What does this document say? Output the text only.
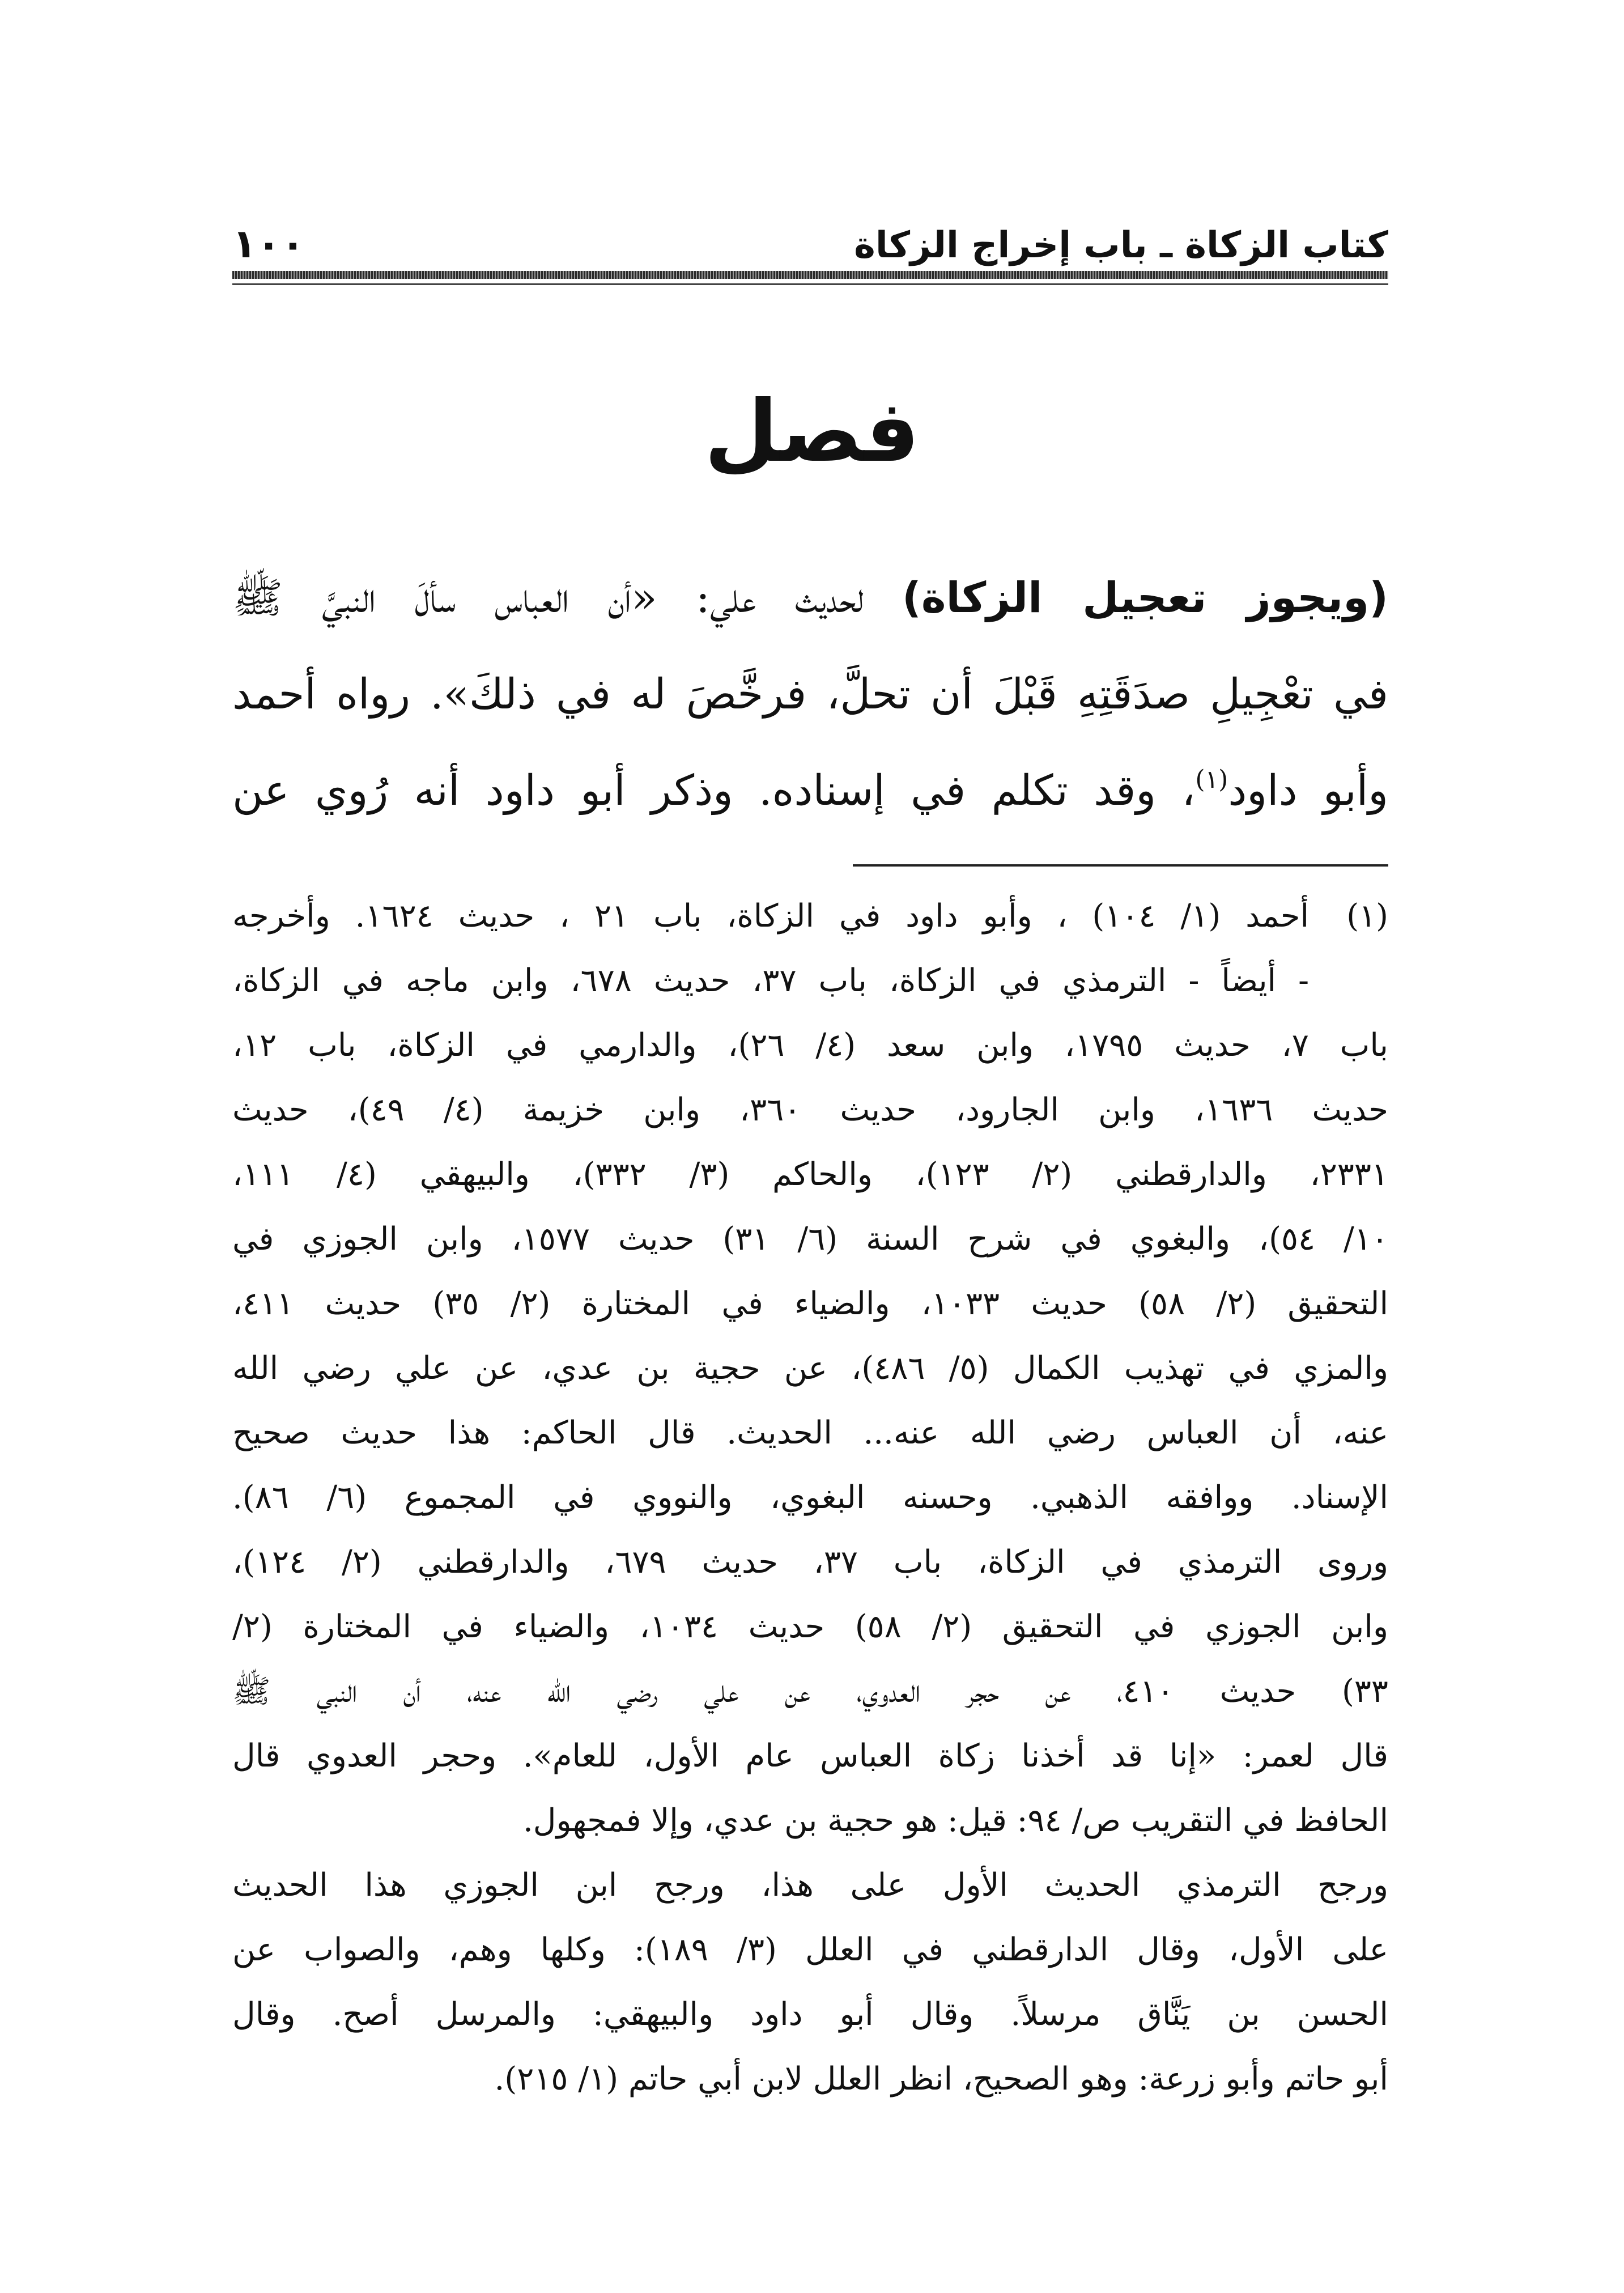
كتاب الزكاة ـ باب إخراج الزكاة
١٠٠
فصل
(ويجوز تعجيل الزكاة) لحديث علي: «أن العباس سألَ النبيَّ ﷺ
في تعْجِيلِ صدَقَتِهِ قَبْلَ أن تحلَّ، فرخَّصَ له في ذلكَ». رواه أحمد
وأبو داود$^{(١)}$، وقد تكلم في إسناده. وذكر أبو داود أنه رُوي عن
(١)أحمد (١/ ١٠٤) ، وأبو داود في الزكاة، باب ٢١ ، حديث ١٦٢٤. وأخرجه
- أيضاً - الترمذي في الزكاة، باب ٣٧، حديث ٦٧٨، وابن ماجه في الزكاة،
باب ٧، حديث ١٧٩٥، وابن سعد (٤/ ٢٦)، والدارمي في الزكاة، باب ١٢،
حديث ١٦٣٦، وابن الجارود، حديث ٣٦٠، وابن خزيمة (٤/ ٤٩)، حديث
٢٣٣١، والدارقطني (٢/ ١٢٣)، والحاكم (٣/ ٣٣٢)، والبيهقي (٤/ ١١١،
١٠/ ٥٤)، والبغوي في شرح السنة (٦/ ٣١) حديث ١٥٧٧، وابن الجوزي في
التحقيق (٢/ ٥٨) حديث ١٠٣٣، والضياء في المختارة (٢/ ٣٥) حديث ٤١١،
والمزي في تهذيب الكمال (٥/ ٤٨٦)، عن حجية بن عدي، عن علي رضي الله
عنه، أن العباس رضي الله عنه... الحديث. قال الحاكم: هذا حديث صحيح
الإسناد. ووافقه الذهبي. وحسنه البغوي، والنووي في المجموع (٦/ ٨٦).
وروى الترمذي في الزكاة، باب ٣٧، حديث ٦٧٩، والدارقطني (٢/ ١٢٤)،
وابن الجوزي في التحقيق (٢/ ٥٨) حديث ١٠٣٤، والضياء في المختارة (٢/
٣٣) حديث ٤١٠، عن حجر العدوي، عن علي رضي الله عنه، أن النبي ﷺ
قال لعمر: «إنا قد أخذنا زكاة العباس عام الأول، للعام». وحجر العدوي قال
الحافظ في التقريب ص/ ٩٤: قيل: هو حجية بن عدي، وإلا فمجهول.
ورجح الترمذي الحديث الأول على هذا، ورجح ابن الجوزي هذا الحديث
على الأول، وقال الدارقطني في العلل (٣/ ١٨٩): وكلها وهم، والصواب عن
الحسن بن يَنَّاق مرسلاً. وقال أبو داود والبيهقي: والمرسل أصح. وقال
أبو حاتم وأبو زرعة: وهو الصحيح، انظر العلل لابن أبي حاتم (١/ ٢١٥).
